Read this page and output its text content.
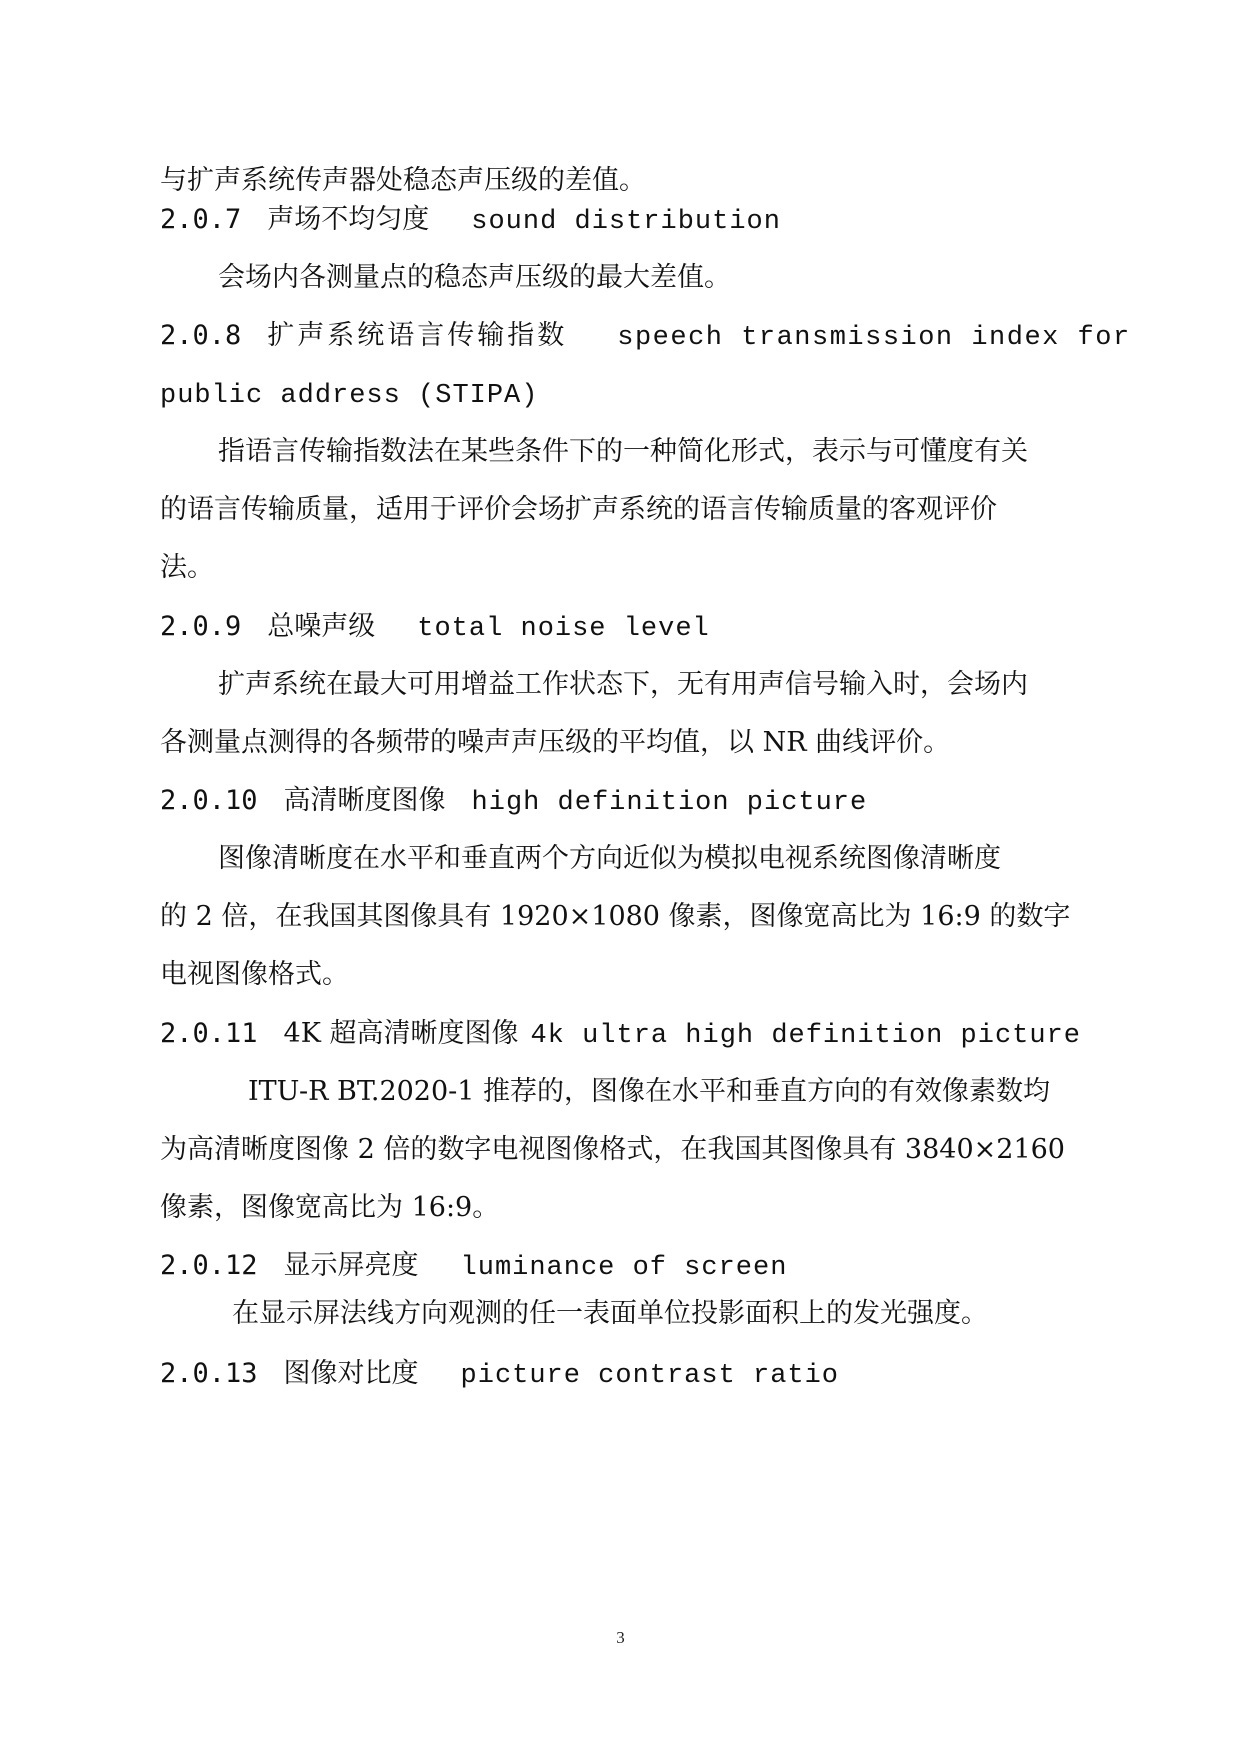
与扩声系统传声器处稳态声压级的差值。
2.0.7 声场不均匀度 sound distribution
会场内各测量点的稳态声压级的最大差值。
2.0.8 扩声系统语言传输指数 speech transmission index for
public address (STIPA)
指语言传输指数法在某些条件下的一种简化形式，表示与可懂度有关
的语言传输质量，适用于评价会场扩声系统的语言传输质量的客观评价
法。
2.0.9 总噪声级 total noise level
扩声系统在最大可用增益工作状态下，无有用声信号输入时，会场内
各测量点测得的各频带的噪声声压级的平均值，以 NR 曲线评价。
2.0.10 高清晰度图像 high definition picture
图像清晰度在水平和垂直两个方向近似为模拟电视系统图像清晰度
的 2 倍，在我国其图像具有 1920×1080 像素，图像宽高比为 16:9 的数字
电视图像格式。
2.0.11 4K 超高清晰度图像 4k ultra high definition picture
ITU-R BT.2020-1 推荐的，图像在水平和垂直方向的有效像素数均
为高清晰度图像 2 倍的数字电视图像格式，在我国其图像具有 3840×2160
像素，图像宽高比为 16:9。
2.0.12 显示屏亮度 luminance of screen
在显示屏法线方向观测的任一表面单位投影面积上的发光强度。
2.0.13 图像对比度 picture contrast ratio
3
